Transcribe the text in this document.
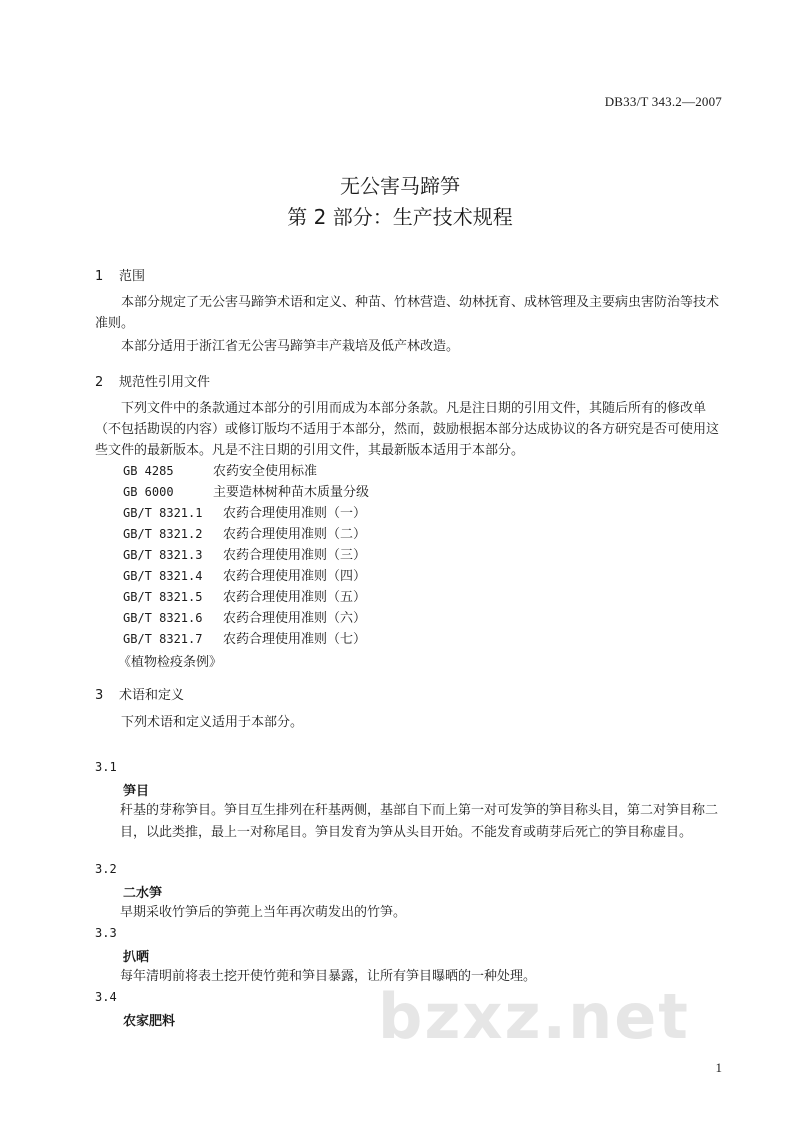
DB33/T 343.2—2007
无公害马蹄笋
第 2 部分：生产技术规程
1 范围

本部分规定了无公害马蹄笋术语和定义、种苗、竹林营造、幼林抚育、成林管理及主要病虫害防治等技术准则。

本部分适用于浙江省无公害马蹄笋丰产栽培及低产林改造。

2 规范性引用文件

下列文件中的条款通过本部分的引用而成为本部分条款。凡是注日期的引用文件，其随后所有的修改单（不包括勘误的内容）或修订版均不适用于本部分，然而，鼓励根据本部分达成协议的各方研究是否可使用这些文件的最新版本。凡是不注日期的引用文件，其最新版本适用于本部分。

GB 4285	农药安全使用标准
GB 6000	主要造林树种苗木质量分级
GB/T 8321.1 农药合理使用准则（一）
GB/T 8321.2 农药合理使用准则（二）
GB/T 8321.3 农药合理使用准则（三）
GB/T 8321.4 农药合理使用准则（四）
GB/T 8321.5 农药合理使用准则（五）
GB/T 8321.6 农药合理使用准则（六）
GB/T 8321.7 农药合理使用准则（七）
《植物检疫条例》
3 术语和定义

下列术语和定义适用于本部分。

3.1
笋目

秆基的芽称笋目。笋目互生排列在秆基两侧，基部自下而上第一对可发笋的笋目称头目，第二对笋目称二目，以此类推，最上一对称尾目。笋目发育为笋从头目开始。不能发育或萌芽后死亡的笋目称虚目。

3.2
二水笋

早期采收竹笋后的笋蔸上当年再次萌发出的竹笋。

3.3
扒晒

每年清明前将表土挖开使竹蔸和笋目暴露，让所有笋目曝晒的一种处理。

3.4
农家肥料	bzxz.net
1
